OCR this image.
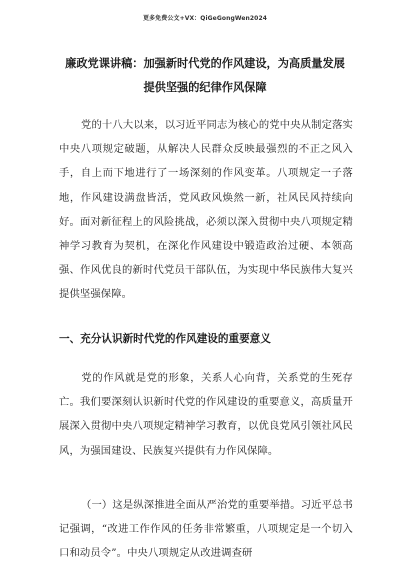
更多免费公文+VX：QiGeGongWen2024
廉政党课讲稿：加强新时代党的作风建设，为高质量发展
提供坚强的纪律作风保障

党的十八大以来，以习近平同志为核心的党中央从制定落实中央八项规定破题，从解决人民群众反映最强烈的不正之风入手，自上而下地进行了一场深刻的作风变革。八项规定一子落地，作风建设满盘皆活，党风政风焕然一新，社风民风持续向好。面对新征程上的风险挑战，必须以深入贯彻中央八项规定精神学习教育为契机，在深化作风建设中锻造政治过硬、本领高强、作风优良的新时代党员干部队伍，为实现中华民族伟大复兴提供坚强保障。

一、充分认识新时代党的作风建设的重要意义

党的作风就是党的形象，关系人心向背，关系党的生死存亡。我们要深刻认识新时代党的作风建设的重要意义，高质量开展深入贯彻中央八项规定精神学习教育，以优良党风引领社风民风，为强国建设、民族复兴提供有力作风保障。

（一）这是纵深推进全面从严治党的重要举措。习近平总书记强调，“改进工作作风的任务非常繁重，八项规定是一个切入口和动员令”。中央八项规定从改进调查研
